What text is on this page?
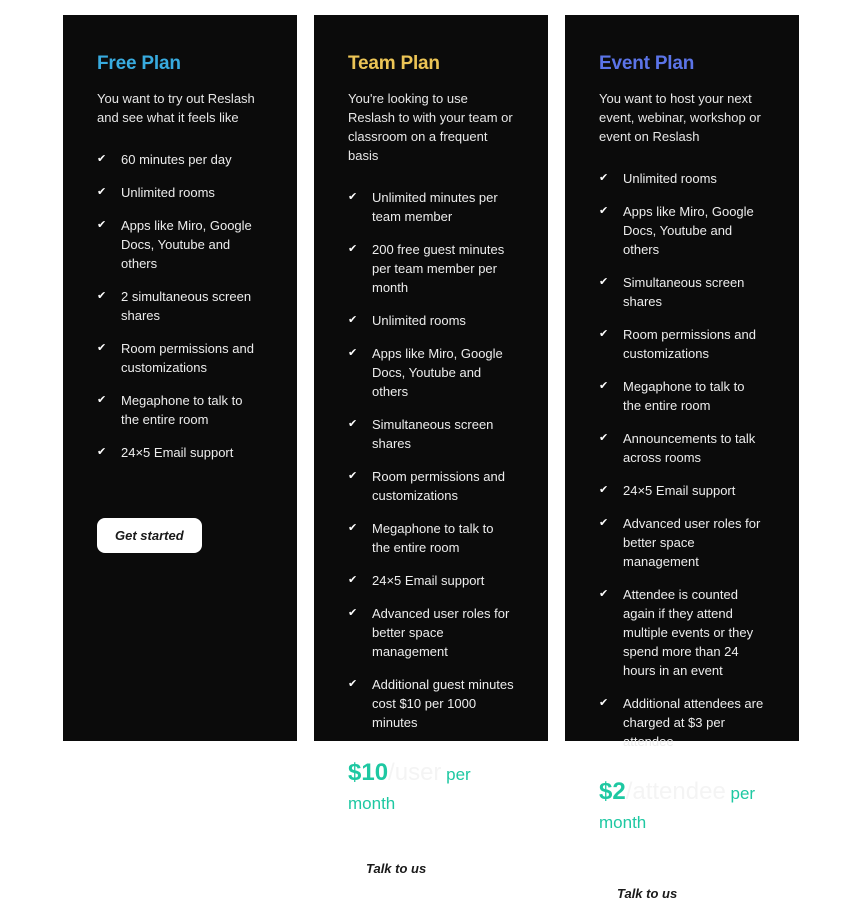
Free Plan

You want to try out Reslash and see what it feels like

✔	60 minutes per day
✔	Unlimited rooms
✔	Apps like Miro, Google Docs, Youtube and others
✔	2 simultaneous screen shares
✔	Room permissions and customizations
✔	Megaphone to talk to the entire room
✔	24×5 Email support
Get started
Team Plan

You're looking to use Reslash to with your team or classroom on a frequent basis

✔	Unlimited minutes per team member
✔	200 free guest minutes per team member per month
✔	Unlimited rooms
✔	Apps like Miro, Google Docs, Youtube and others
✔	Simultaneous screen shares
✔	Room permissions and customizations
✔	Megaphone to talk to the entire room
✔	24×5 Email support
✔	Advanced user roles for better space management
✔	Additional guest minutes cost $10 per 1000 minutes
$10/user per month
Talk to us
Event Plan

You want to host your next event, webinar, workshop or event on Reslash

✔	Unlimited rooms
✔	Apps like Miro, Google Docs, Youtube and others
✔	Simultaneous screen shares
✔	Room permissions and customizations
✔	Megaphone to talk to the entire room
✔	Announcements to talk across rooms
✔	24×5 Email support
✔	Advanced user roles for better space management
✔	Attendee is counted again if they attend multiple events or they spend more than 24 hours in an event
✔	Additional attendees are charged at $3 per attendee
$2/attendee per month
Talk to us
